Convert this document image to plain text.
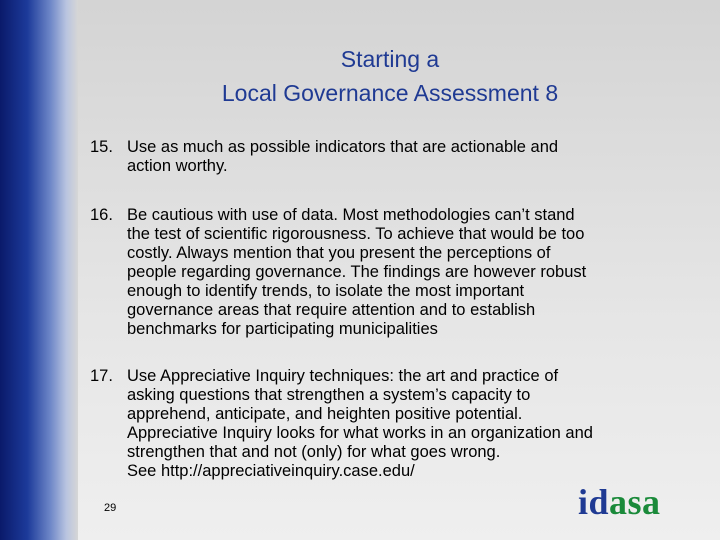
Starting a
Local Governance Assessment 8
15. Use as much as possible indicators that are actionable and
action worthy.
16. Be cautious with use of data. Most methodologies can’t stand
the test of scientific rigorousness. To achieve that would be too
costly. Always mention that you present the perceptions of
people regarding governance. The findings are however robust
enough to identify trends, to isolate the most important
governance areas that require attention and to establish
benchmarks for participating municipalities
17. Use Appreciative Inquiry techniques: the art and practice of
asking questions that strengthen a system’s capacity to
apprehend, anticipate, and heighten positive potential.
Appreciative Inquiry looks for what works in an organization and
strengthen that and not (only) for what goes wrong.
See http://appreciativeinquiry.case.edu/
29	idasa
